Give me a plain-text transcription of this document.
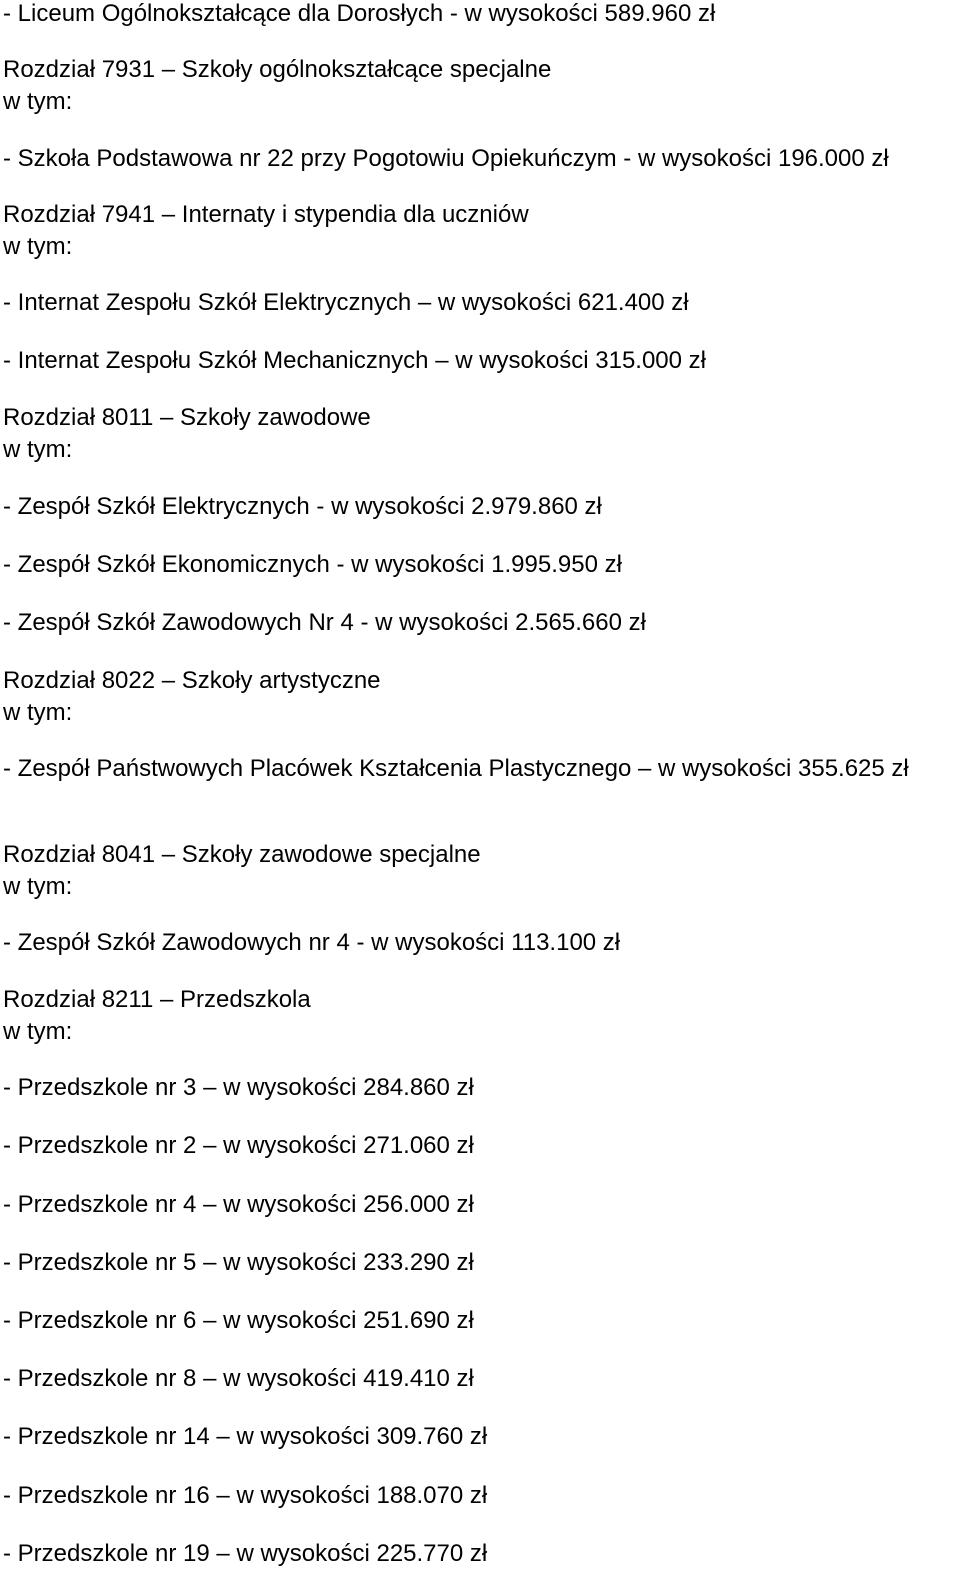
- Liceum Ogólnokształcące dla Dorosłych - w wysokości 589.960 zł

Rozdział 7931 – Szkoły ogólnokształcące specjalne

w tym:

- Szkoła Podstawowa nr 22 przy Pogotowiu Opiekuńczym - w wysokości 196.000 zł

Rozdział 7941 – Internaty i stypendia dla uczniów

w tym:

- Internat Zespołu Szkół Elektrycznych – w wysokości 621.400 zł

- Internat Zespołu Szkół Mechanicznych – w wysokości 315.000 zł

Rozdział 8011 – Szkoły zawodowe

w tym:

- Zespół Szkół Elektrycznych - w wysokości 2.979.860 zł

- Zespół Szkół Ekonomicznych - w wysokości 1.995.950 zł

- Zespół Szkół Zawodowych Nr 4 - w wysokości 2.565.660 zł

Rozdział 8022 – Szkoły artystyczne

w tym:

- Zespół Państwowych Placówek Kształcenia Plastycznego – w wysokości 355.625 zł

Rozdział 8041 – Szkoły zawodowe specjalne

w tym:

- Zespół Szkół Zawodowych nr 4 - w wysokości 113.100 zł

Rozdział 8211 – Przedszkola

w tym:

- Przedszkole nr 3 – w wysokości 284.860 zł

- Przedszkole nr 2 – w wysokości 271.060 zł

- Przedszkole nr 4 – w wysokości 256.000 zł

- Przedszkole nr 5 – w wysokości 233.290 zł

- Przedszkole nr 6 – w wysokości 251.690 zł

- Przedszkole nr 8 – w wysokości 419.410 zł

- Przedszkole nr 14 – w wysokości 309.760 zł

- Przedszkole nr 16 – w wysokości 188.070 zł

- Przedszkole nr 19 – w wysokości 225.770 zł
